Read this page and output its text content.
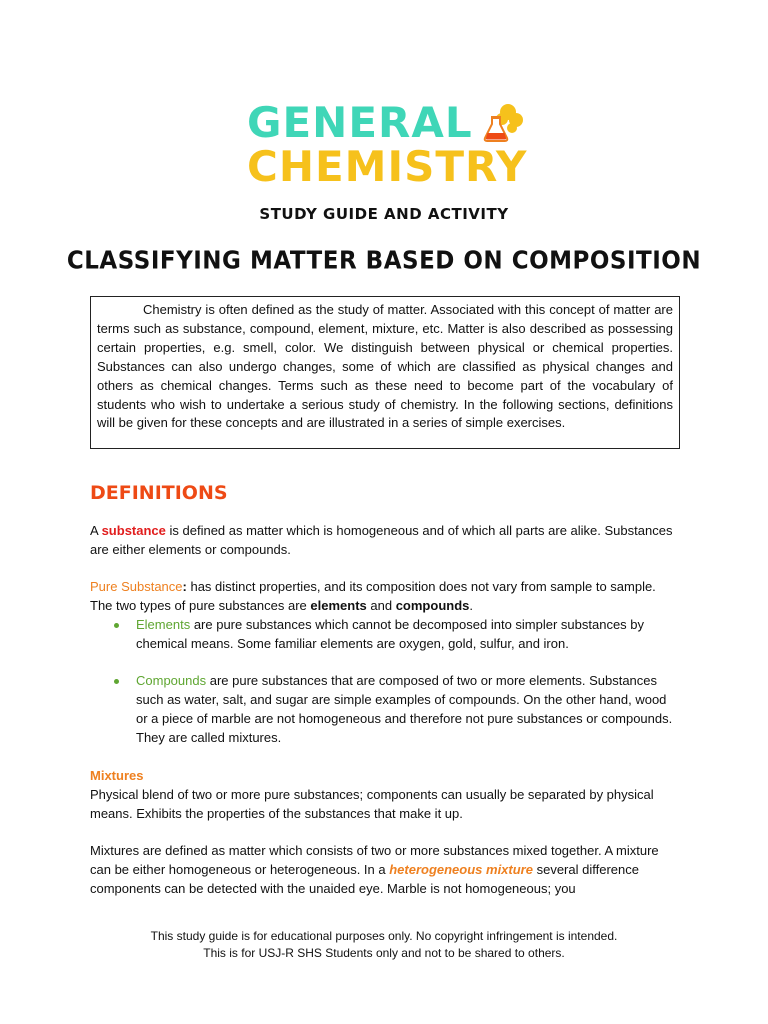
GENERAL
CHEMISTRY
STUDY GUIDE AND ACTIVITY
CLASSIFYING MATTER BASED ON COMPOSITION

Chemistry is often defined as the study of matter. Associated with this concept of matter are terms such as substance, compound, element, mixture, etc. Matter is also described as possessing certain properties, e.g. smell, color. We distinguish between physical or chemical properties. Substances can also undergo changes, some of which are classified as physical changes and others as chemical changes. Terms such as these need to become part of the vocabulary of students who wish to undertake a serious study of chemistry. In the following sections, definitions will be given for these concepts and are illustrated in a series of simple exercises.

DEFINITIONS

A substance is defined as matter which is homogeneous and of which all parts are alike. Substances are either elements or compounds.

Pure Substance: has distinct properties, and its composition does not vary from sample to sample. The two types of pure substances are elements and compounds.

Elements are pure substances which cannot be decomposed into simpler substances by chemical means. Some familiar elements are oxygen, gold, sulfur, and iron.
Compounds are pure substances that are composed of two or more elements. Substances such as water, salt, and sugar are simple examples of compounds. On the other hand, wood or a piece of marble are not homogeneous and therefore not pure substances or compounds. They are called mixtures.

Mixtures
Physical blend of two or more pure substances; components can usually be separated by physical means. Exhibits the properties of the substances that make it up.

Mixtures are defined as matter which consists of two or more substances mixed together. A mixture can be either homogeneous or heterogeneous. In a heterogeneous mixture several difference components can be detected with the unaided eye. Marble is not homogeneous; you

This study guide is for educational purposes only. No copyright infringement is intended.
This is for USJ-R SHS Students only and not to be shared to others.
